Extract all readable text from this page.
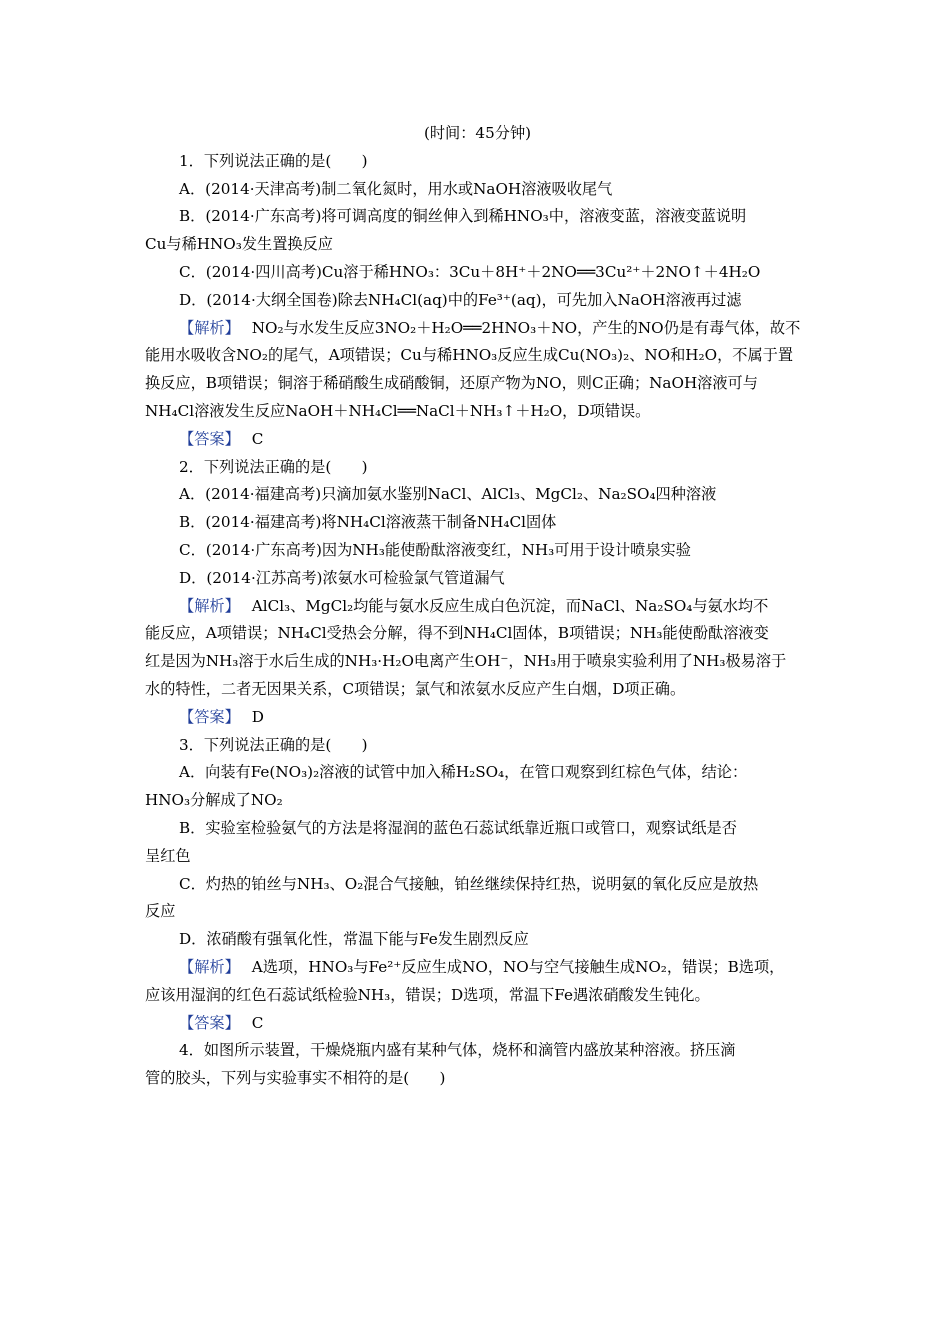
(时间：45分钟)
1．下列说法正确的是(　　)
A．(2014·天津高考)制二氧化氮时，用水或NaOH溶液吸收尾气
B．(2014·广东高考)将可调高度的铜丝伸入到稀HNO₃中，溶液变蓝，溶液变蓝说明
Cu与稀HNO₃发生置换反应
C．(2014·四川高考)Cu溶于稀HNO₃：3Cu＋8H⁺＋2NO══3Cu²⁺＋2NO↑＋4H₂O
D．(2014·大纲全国卷)除去NH₄Cl(aq)中的Fe³⁺(aq)，可先加入NaOH溶液再过滤
【解析】 NO₂与水发生反应3NO₂＋H₂O══2HNO₃＋NO，产生的NO仍是有毒气体，故不
能用水吸收含NO₂的尾气，A项错误；Cu与稀HNO₃反应生成Cu(NO₃)₂、NO和H₂O，不属于置
换反应，B项错误；铜溶于稀硝酸生成硝酸铜，还原产物为NO，则C正确；NaOH溶液可与
NH₄Cl溶液发生反应NaOH＋NH₄Cl══NaCl＋NH₃↑＋H₂O，D项错误。
【答案】 C
2．下列说法正确的是(　　)
A．(2014·福建高考)只滴加氨水鉴别NaCl、AlCl₃、MgCl₂、Na₂SO₄四种溶液
B．(2014·福建高考)将NH₄Cl溶液蒸干制备NH₄Cl固体
C．(2014·广东高考)因为NH₃能使酚酞溶液变红，NH₃可用于设计喷泉实验
D．(2014·江苏高考)浓氨水可检验氯气管道漏气
【解析】 AlCl₃、MgCl₂均能与氨水反应生成白色沉淀，而NaCl、Na₂SO₄与氨水均不
能反应，A项错误；NH₄Cl受热会分解，得不到NH₄Cl固体，B项错误；NH₃能使酚酞溶液变
红是因为NH₃溶于水后生成的NH₃·H₂O电离产生OH⁻，NH₃用于喷泉实验利用了NH₃极易溶于
水的特性，二者无因果关系，C项错误；氯气和浓氨水反应产生白烟，D项正确。
【答案】 D
3．下列说法正确的是(　　)
A．向装有Fe(NO₃)₂溶液的试管中加入稀H₂SO₄，在管口观察到红棕色气体，结论：
HNO₃分解成了NO₂
B．实验室检验氨气的方法是将湿润的蓝色石蕊试纸靠近瓶口或管口，观察试纸是否
呈红色
C．灼热的铂丝与NH₃、O₂混合气接触，铂丝继续保持红热，说明氨的氧化反应是放热
反应
D．浓硝酸有强氧化性，常温下能与Fe发生剧烈反应
【解析】 A选项，HNO₃与Fe²⁺反应生成NO，NO与空气接触生成NO₂，错误；B选项，
应该用湿润的红色石蕊试纸检验NH₃，错误；D选项，常温下Fe遇浓硝酸发生钝化。
【答案】 C
4．如图所示装置，干燥烧瓶内盛有某种气体，烧杯和滴管内盛放某种溶液。挤压滴
管的胶头，下列与实验事实不相符的是(　　)
